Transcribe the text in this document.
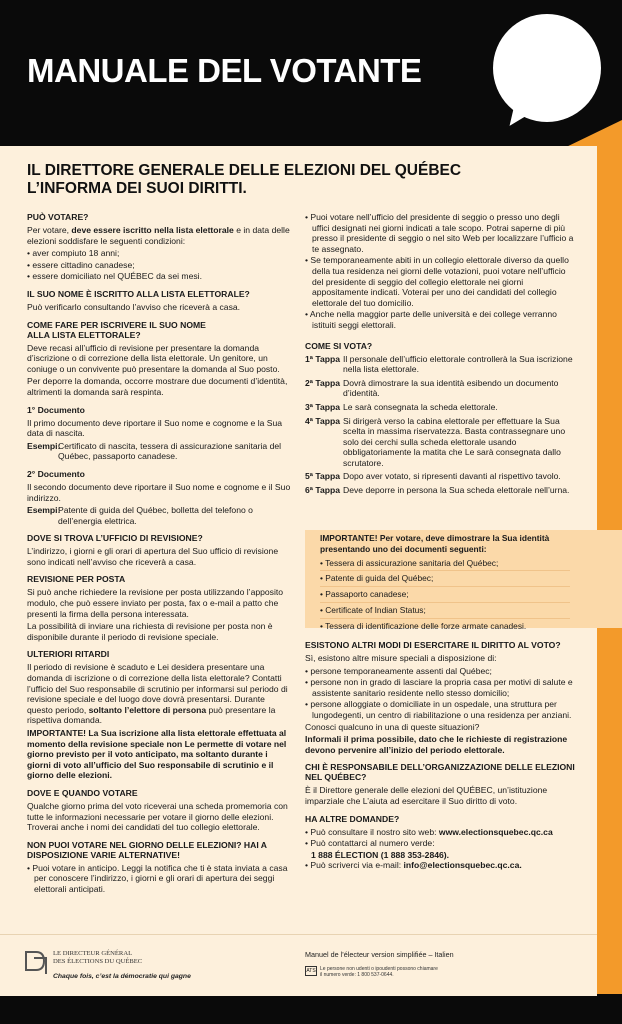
MANUALE DEL VOTANTE
IL DIRETTORE GENERALE DELLE ELEZIONI DEL QUÉBEC
L’INFORMA DEI SUOI DIRITTI.
PUÒ VOTARE?

Per votare, deve essere iscritto nella lista elettorale e in data delle elezioni soddisfare le seguenti condizioni:

• aver compiuto 18 anni;
• essere cittadino canadese;
• essere domiciliato nel QUÉBEC da sei mesi.
IL SUO NOME È ISCRITTO ALLA LISTA ELETTORALE?

Può verificarlo consultando l’avviso che riceverà a casa.

COME FARE PER ISCRIVERE IL SUO NOME ALLA LISTA ELETTORALE?

Deve recasi all’ufficio di revisione per presentare la domanda d’iscrizione o di correzione della lista elettorale. Un genitore, un coniuge o un convivente può presentare la domanda al Suo posto.

Per deporre la domanda, occorre mostrare due documenti d’identità, altrimenti la domanda sarà respinta.

1° Documento

Il primo documento deve riportare il Suo nome e cognome e la Sua data di nascita.

Esempi:
Certificato di nascita, tessera di assicurazione sanitaria del Québec, passaporto canadese.
2° Documento

Il secondo documento deve riportare il Suo nome e cognome e il Suo indirizzo.

Esempi:
Patente di guida del Québec, bolletta del telefono o dell’energia elettrica.
DOVE SI TROVA L’UFFICIO DI REVISIONE?

L’indirizzo, i giorni e gli orari di apertura del Suo ufficio di revisione sono indicati nell’avviso che riceverà a casa.

REVISIONE PER POSTA

Si può anche richiedere la revisione per posta utilizzando l’apposito modulo, che può essere inviato per posta, fax o e-mail a patto che presenti la firma della persona interessata.

La possibilità di inviare una richiesta di revisione per posta non è disponibile durante il periodo di revisione speciale.

ULTERIORI RITARDI

Il periodo di revisione è scaduto e Lei desidera presentare una domanda di iscrizione o di correzione della lista elettorale? Contatti l’ufficio del Suo responsabile di scrutinio per informarsi sul periodo di revisione speciale e del luogo dove dovrà presentarsi. Durante questo periodo, soltanto l’elettore di persona può presentare la rispettiva domanda.

IMPORTANTE! La Sua iscrizione alla lista elettorale effettuata al momento della revisione speciale non Le permette di votare nel giorno previsto per il voto anticipato, ma soltanto durante i giorni di voto all’ufficio del Suo responsabile di scrutinio e il giorno delle elezioni.

DOVE E QUANDO VOTARE

Qualche giorno prima del voto riceverai una scheda promemoria con tutte le informazioni necessarie per votare il giorno delle elezioni. Troverai anche i nomi dei candidati del tuo collegio elettorale.

NON PUOI VOTARE NEL GIORNO DELLE ELEZIONI? HAI A DISPOSIZIONE VARIE ALTERNATIVE!
• Puoi votare in anticipo. Leggi la notifica che ti è stata inviata a casa per conoscere l’indirizzo, i giorni e gli orari di apertura dei seggi elettorali anticipati.
• Puoi votare nell’ufficio del presidente di seggio o presso uno degli uffici designati nei giorni indicati a tale scopo. Potrai saperne di più presso il presidente di seggio o nel sito Web per localizzare l’ufficio a te assegnato.
• Se temporaneamente abiti in un collegio elettorale diverso da quello della tua residenza nei giorni delle votazioni, puoi votare nell’ufficio del presidente di seggio del collegio elettorale nei giorni appositamente indicati. Voterai per uno dei candidati del collegio elettorale del tuo domicilio.
• Anche nella maggior parte delle università e dei college verranno istituiti seggi elettorali.
COME SI VOTA?
1ª Tappa Il personale dell’ufficio elettorale controllerà la Sua iscrizione nella lista elettorale.
2ª Tappa Dovrà dimostrare la sua identità esibendo un documento d’identità.
3ª Tappa Le sarà consegnata la scheda elettorale.
4ª Tappa Si dirigerà verso la cabina elettorale per effettuare la Sua scelta in massima riservatezza. Basta contrassegnare uno solo dei cerchi sulla scheda elettorale usando obbligatoriamente la matita che Le sarà consegnata dallo scrutatore.
5ª Tappa Dopo aver votato, si ripresenti davanti al rispettivo tavolo.
6ª Tappa Deve deporre in persona la Sua scheda elettorale nell’urna.

IMPORTANTE! Per votare, deve dimostrare la Sua identità presentando uno dei documenti seguenti:

• Tessera di assicurazione sanitaria del Québec;
• Patente di guida del Québec;
• Passaporto canadese;
• Certificate of Indian Status;
• Tessera di identificazione delle forze armate canadesi.
ESISTONO ALTRI MODI DI ESERCITARE IL DIRITTO AL VOTO?

Sì, esistono altre misure speciali a disposizione di:

• persone temporaneamente assenti dal Québec;
• persone non in grado di lasciare la propria casa per motivi di salute e assistente sanitario residente nello stesso domicilio;
• persone alloggiate o domiciliate in un ospedale, una struttura per lungodegenti, un centro di riabilitazione o una residenza per anziani.

Conosci qualcuno in una di queste situazioni?

Informali il prima possibile, dato che le richieste di registrazione devono pervenire all’inizio del periodo elettorale.

CHI È RESPONSABILE DELL’ORGANIZZAZIONE DELLE ELEZIONI NEL QUÉBEC?

È il Direttore generale delle elezioni del QUÉBEC, un’istituzione imparziale che L’aiuta ad esercitare il Suo diritto di voto.

HA ALTRE DOMANDE?
• Può consultare il nostro sito web: www.electionsquebec.qc.ca
• Può contattarci al numero verde:
1 888 ÉLECTION (1 888 353-2846).
• Può scriverci via e-mail: info@electionsquebec.qc.ca.
LE DIRECTEUR GÉNÉRAL
DES ÉLECTIONS DU QUÉBEC
Chaque fois, c’est la démocratie qui gagne
Manuel de l’électeur version simplifiée – Italien
ATS Le persone non udenti o ipoudenti possono chiamare
il numero verde: 1 800 537-0644.
